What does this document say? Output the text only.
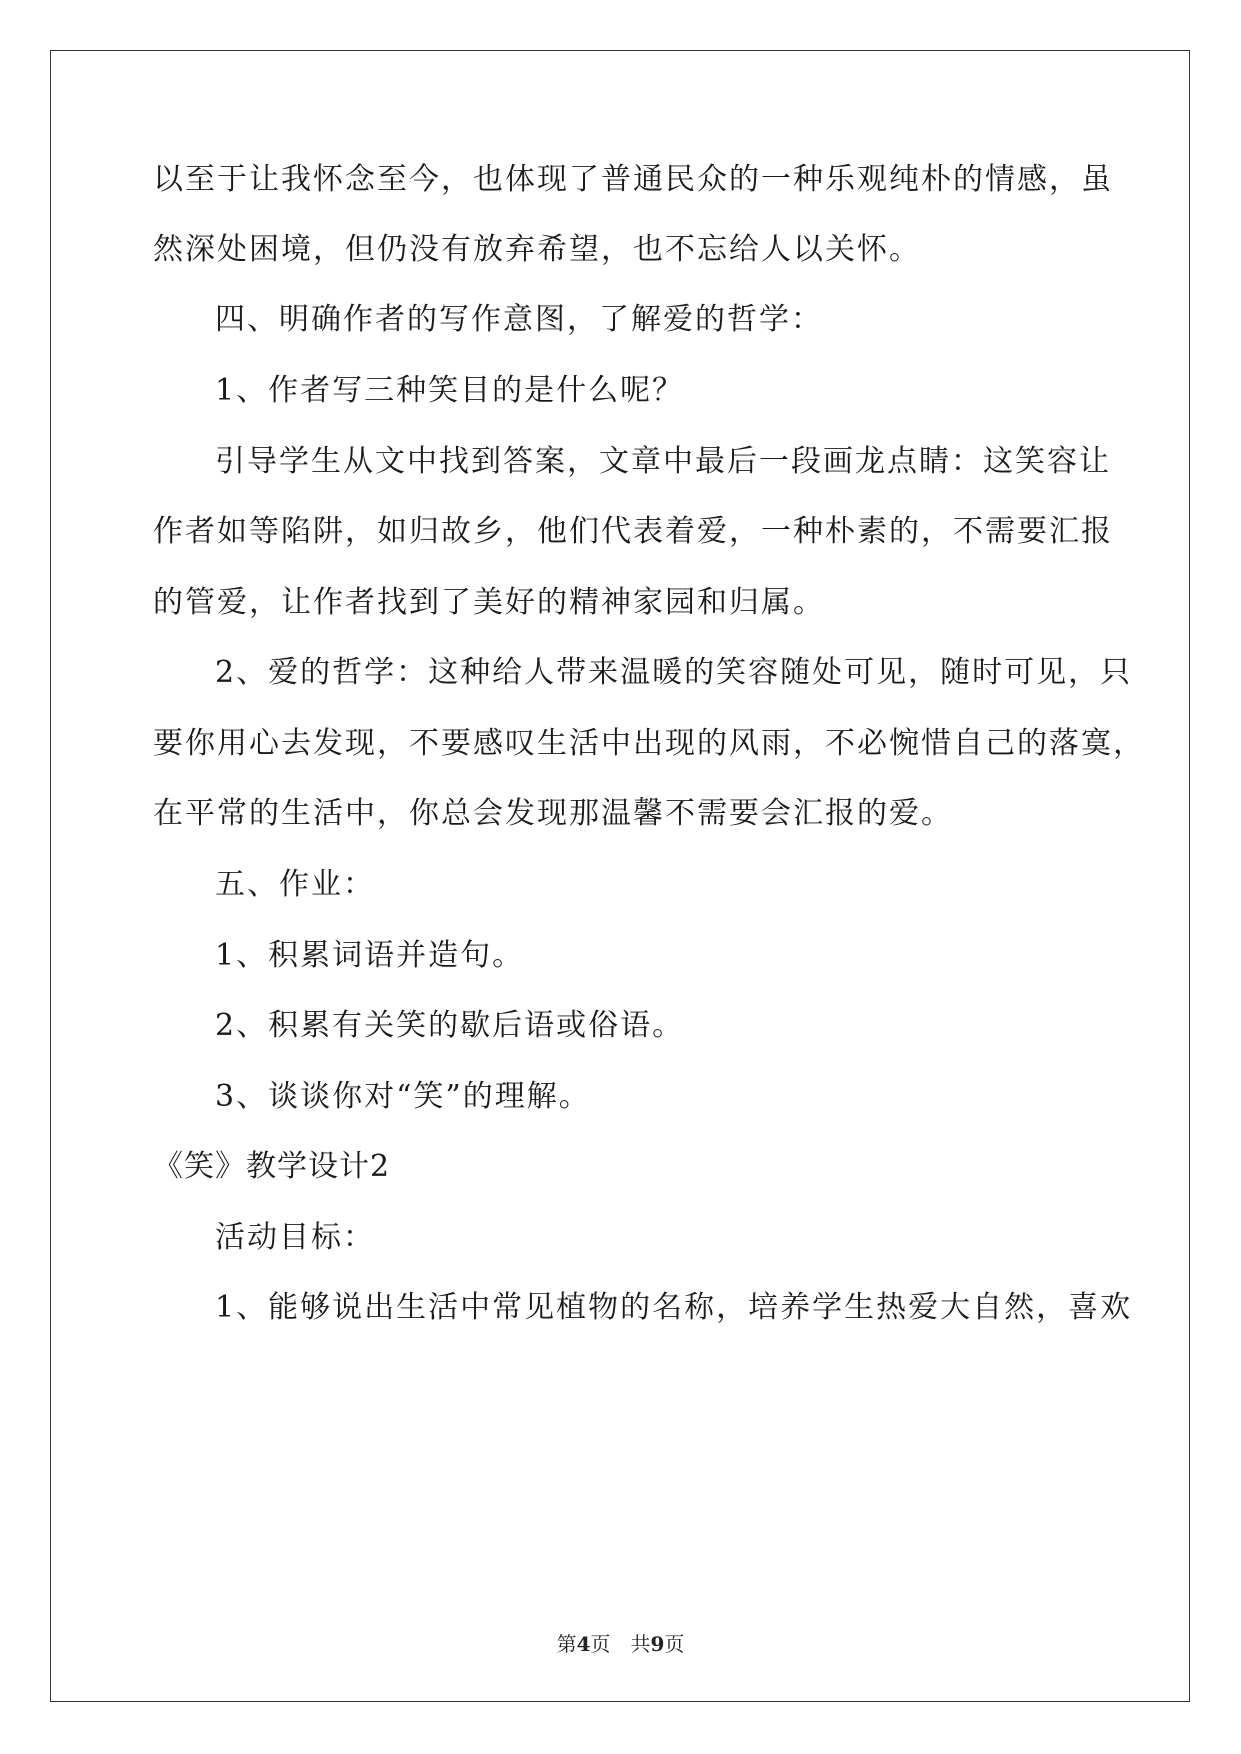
以至于让我怀念至今，也体现了普通民众的一种乐观纯朴的情感，虽
然深处困境，但仍没有放弃希望，也不忘给人以关怀。
四、明确作者的写作意图，了解爱的哲学：
1、作者写三种笑目的是什么呢？
引导学生从文中找到答案，文章中最后一段画龙点睛：这笑容让
作者如等陷阱，如归故乡，他们代表着爱，一种朴素的，不需要汇报
的管爱，让作者找到了美好的精神家园和归属。
2、爱的哲学：这种给人带来温暖的笑容随处可见，随时可见，只
要你用心去发现，不要感叹生活中出现的风雨，不必惋惜自己的落寞，
在平常的生活中，你总会发现那温馨不需要会汇报的爱。
五、作业：
1、积累词语并造句。
2、积累有关笑的歇后语或俗语。
3、谈谈你对“笑”的理解。
《笑》教学设计2
活动目标：
1、能够说出生活中常见植物的名称，培养学生热爱大自然，喜欢
第4页 共9页
